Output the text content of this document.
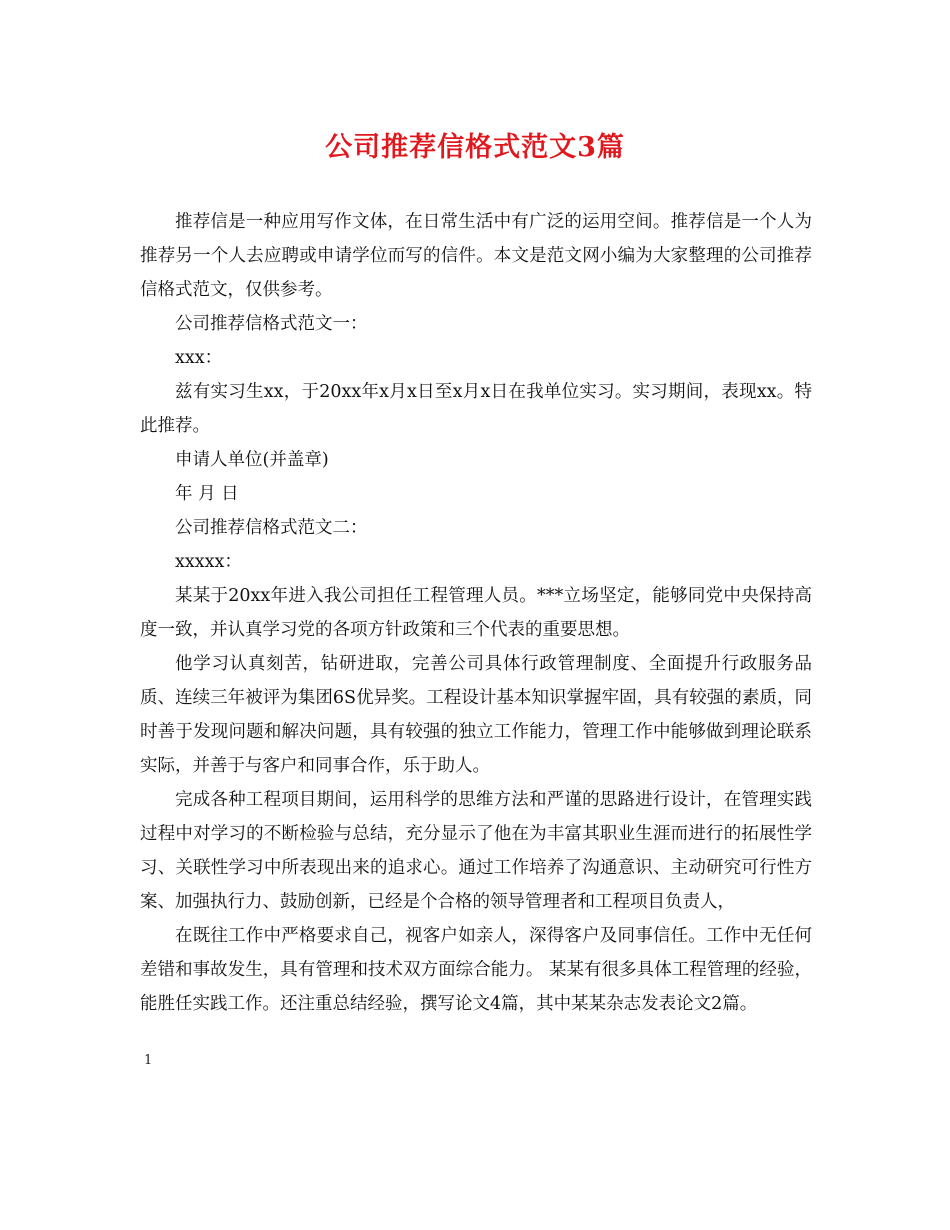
公司推荐信格式范文3篇

推荐信是一种应用写作文体，在日常生活中有广泛的运用空间。推荐信是一个人为推荐另一个人去应聘或申请学位而写的信件。本文是范文网小编为大家整理的公司推荐信格式范文，仅供参考。

公司推荐信格式范文一：

xxx：

兹有实习生xx，于20xx年x月x日至x月x日在我单位实习。实习期间，表现xx。特此推荐。

申请人单位(并盖章)

年 月 日

公司推荐信格式范文二：

xxxxx：

某某于20xx年进入我公司担任工程管理人员。***立场坚定，能够同党中央保持高度一致，并认真学习党的各项方针政策和三个代表的重要思想。

他学习认真刻苦，钻研进取，完善公司具体行政管理制度、全面提升行政服务品质、连续三年被评为集团6S优异奖。工程设计基本知识掌握牢固，具有较强的素质，同时善于发现问题和解决问题，具有较强的独立工作能力，管理工作中能够做到理论联系实际，并善于与客户和同事合作，乐于助人。

完成各种工程项目期间，运用科学的思维方法和严谨的思路进行设计，在管理实践过程中对学习的不断检验与总结，充分显示了他在为丰富其职业生涯而进行的拓展性学习、关联性学习中所表现出来的追求心。通过工作培养了沟通意识、主动研究可行性方案、加强执行力、鼓励创新，已经是个合格的领导管理者和工程项目负责人，

在既往工作中严格要求自己，视客户如亲人，深得客户及同事信任。工作中无任何差错和事故发生，具有管理和技术双方面综合能力。 某某有很多具体工程管理的经验，能胜任实践工作。还注重总结经验，撰写论文4篇，其中某某杂志发表论文2篇。

1
